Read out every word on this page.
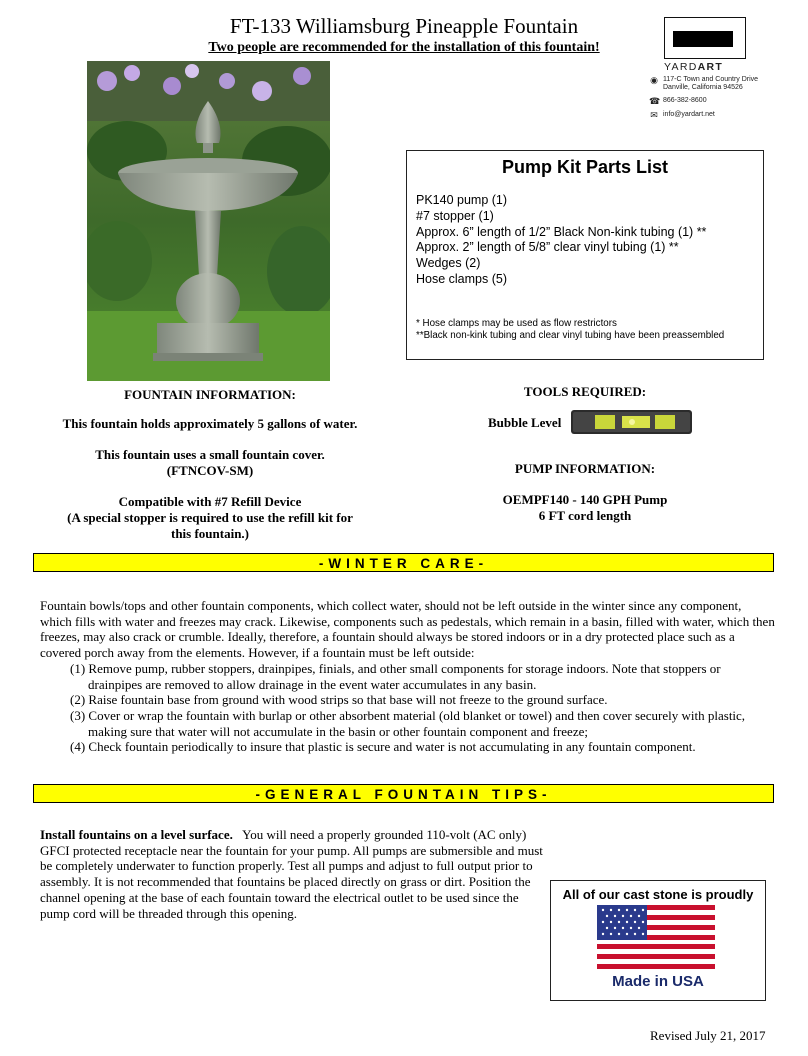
FT-133 Williamsburg Pineapple Fountain
Two people are recommended for the installation of this fountain!
YARDART
◉ 117-C Town and Country Drive
Danville, California 94526
☎ 866-382-8600
✉ info@yardart.net
Pump Kit Parts List
PK140 pump (1)
#7 stopper (1)
Approx. 6” length of 1/2” Black Non-kink tubing (1) **
Approx. 2” length of 5/8” clear vinyl tubing (1) **
Wedges (2)
Hose clamps (5)
* Hose clamps may be used as flow restrictors
**Black non-kink tubing and clear vinyl tubing have been preassembled
FOUNTAIN INFORMATION:
This fountain holds approximately 5 gallons of water.
This fountain uses a small fountain cover.
(FTNCOV-SM)
Compatible with #7 Refill Device
(A special stopper is required to use the refill kit for
this fountain.)
TOOLS REQUIRED:
Bubble Level
PUMP INFORMATION:
OEMPF140 - 140 GPH Pump
6 FT cord length
-WINTER CARE-

Fountain bowls/tops and other fountain components, which collect water, should not be left outside in the winter since any component, which fills with water and freezes may crack. Likewise, components such as pedestals, which remain in a basin, filled with water, which then freezes, may also crack or crumble. Ideally, therefore, a fountain should always be stored indoors or in a dry protected place such as a covered porch away from the elements. However, if a fountain must be left outside:

(1) Remove pump, rubber stoppers, drainpipes, finials, and other small components for storage indoors. Note that stoppers or drainpipes are removed to allow drainage in the event water accumulates in any basin.

(2) Raise fountain base from ground with wood strips so that base will not freeze to the ground surface.

(3) Cover or wrap the fountain with burlap or other absorbent material (old blanket or towel) and then cover securely with plastic, making sure that water will not accumulate in the basin or other fountain component and freeze;

(4) Check fountain periodically to insure that plastic is secure and water is not accumulating in any fountain component.

-GENERAL FOUNTAIN TIPS-
Install fountains on a level surface. You will need a properly grounded 110-volt (AC only) GFCI protected receptacle near the fountain for your pump. All pumps are submersible and must be completely underwater to function properly. Test all pumps and adjust to full output prior to assembly. It is not recommended that fountains be placed directly on grass or dirt. Position the channel opening at the base of each fountain toward the electrical outlet to be used since the pump cord will be threaded through this opening.
All of our cast stone is proudly
Made in USA
Revised July 21, 2017
